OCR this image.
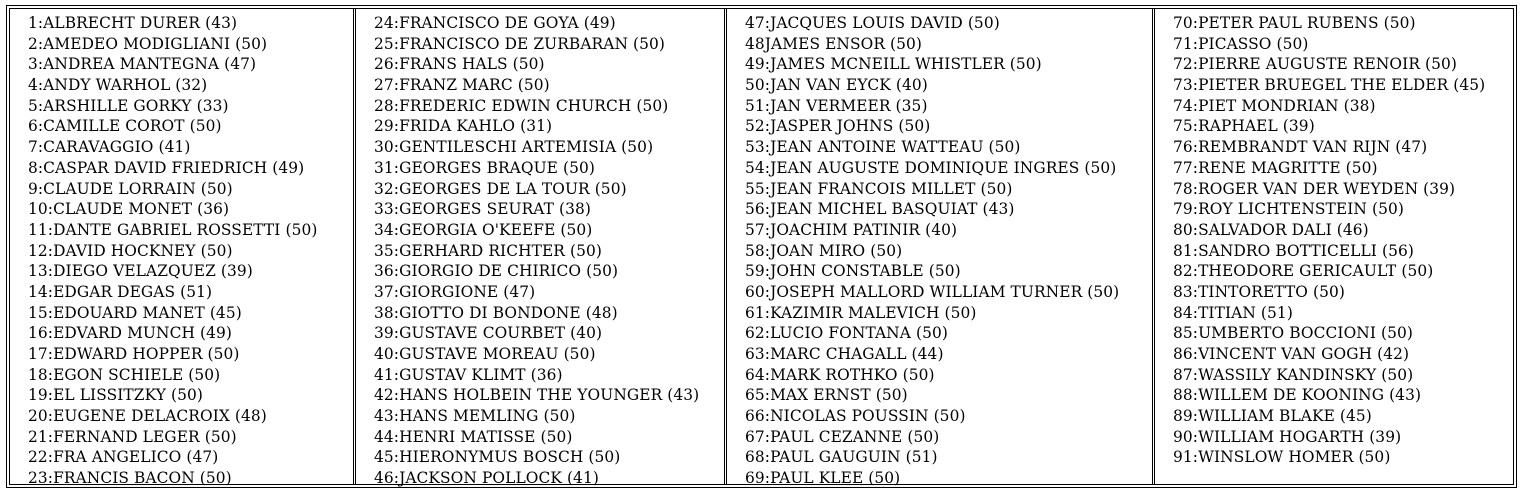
1:ALBRECHT DURER (43)
2:AMEDEO MODIGLIANI (50)
3:ANDREA MANTEGNA (47)
4:ANDY WARHOL (32)
5:ARSHILLE GORKY (33)
6:CAMILLE COROT (50)
7:CARAVAGGIO (41)
8:CASPAR DAVID FRIEDRICH (49)
9:CLAUDE LORRAIN (50)
10:CLAUDE MONET (36)
11:DANTE GABRIEL ROSSETTI (50)
12:DAVID HOCKNEY (50)
13:DIEGO VELAZQUEZ (39)
14:EDGAR DEGAS (51)
15:EDOUARD MANET (45)
16:EDVARD MUNCH (49)
17:EDWARD HOPPER (50)
18:EGON SCHIELE (50)
19:EL LISSITZKY (50)
20:EUGENE DELACROIX (48)
21:FERNAND LEGER (50)
22:FRA ANGELICO (47)
23:FRANCIS BACON (50)
24:FRANCISCO DE GOYA (49)
25:FRANCISCO DE ZURBARAN (50)
26:FRANS HALS (50)
27:FRANZ MARC (50)
28:FREDERIC EDWIN CHURCH (50)
29:FRIDA KAHLO (31)
30:GENTILESCHI ARTEMISIA (50)
31:GEORGES BRAQUE (50)
32:GEORGES DE LA TOUR (50)
33:GEORGES SEURAT (38)
34:GEORGIA O'KEEFE (50)
35:GERHARD RICHTER (50)
36:GIORGIO DE CHIRICO (50)
37:GIORGIONE (47)
38:GIOTTO DI BONDONE (48)
39:GUSTAVE COURBET (40)
40:GUSTAVE MOREAU (50)
41:GUSTAV KLIMT (36)
42:HANS HOLBEIN THE YOUNGER (43)
43:HANS MEMLING (50)
44:HENRI MATISSE (50)
45:HIERONYMUS BOSCH (50)
46:JACKSON POLLOCK (41)
47:JACQUES LOUIS DAVID (50)
48JAMES ENSOR (50)
49:JAMES MCNEILL WHISTLER (50)
50:JAN VAN EYCK (40)
51:JAN VERMEER (35)
52:JASPER JOHNS (50)
53:JEAN ANTOINE WATTEAU (50)
54:JEAN AUGUSTE DOMINIQUE INGRES (50)
55:JEAN FRANCOIS MILLET (50)
56:JEAN MICHEL BASQUIAT (43)
57:JOACHIM PATINIR (40)
58:JOAN MIRO (50)
59:JOHN CONSTABLE (50)
60:JOSEPH MALLORD WILLIAM TURNER (50)
61:KAZIMIR MALEVICH (50)
62:LUCIO FONTANA (50)
63:MARC CHAGALL (44)
64:MARK ROTHKO (50)
65:MAX ERNST (50)
66:NICOLAS POUSSIN (50)
67:PAUL CEZANNE (50)
68:PAUL GAUGUIN (51)
69:PAUL KLEE (50)
70:PETER PAUL RUBENS (50)
71:PICASSO (50)
72:PIERRE AUGUSTE RENOIR (50)
73:PIETER BRUEGEL THE ELDER (45)
74:PIET MONDRIAN (38)
75:RAPHAEL (39)
76:REMBRANDT VAN RIJN (47)
77:RENE MAGRITTE (50)
78:ROGER VAN DER WEYDEN (39)
79:ROY LICHTENSTEIN (50)
80:SALVADOR DALI (46)
81:SANDRO BOTTICELLI (56)
82:THEODORE GERICAULT (50)
83:TINTORETTO (50)
84:TITIAN (51)
85:UMBERTO BOCCIONI (50)
86:VINCENT VAN GOGH (42)
87:WASSILY KANDINSKY (50)
88:WILLEM DE KOONING (43)
89:WILLIAM BLAKE (45)
90:WILLIAM HOGARTH (39)
91:WINSLOW HOMER (50)
